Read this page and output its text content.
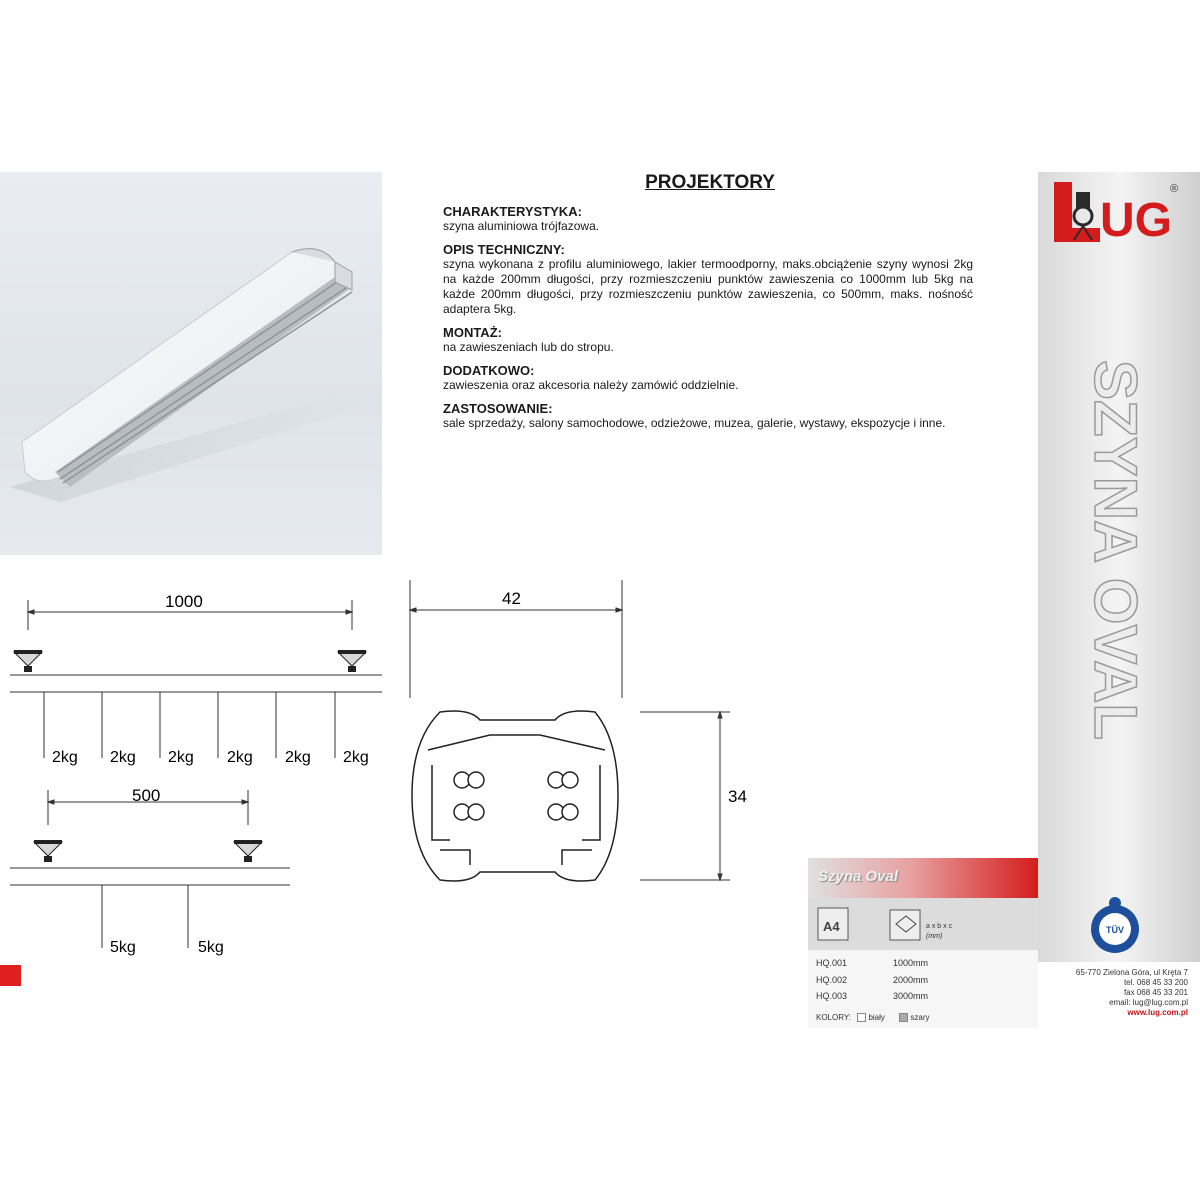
PROJEKTORY
CHARAKTERYSTYKA:
szyna aluminiowa trójfazowa.
OPIS TECHNICZNY:
szyna wykonana z profilu aluminiowego, lakier termoodporny, maks.obciążenie szyny wynosi 2kg na każde 200mm długości, przy rozmieszczeniu punktów zawieszenia co 1000mm lub 5kg na każde 200mm długości, przy rozmieszczeniu punktów zawieszenia, co 500mm, maks. nośność adaptera 5kg.
MONTAŻ:
na zawieszeniach lub do stropu.
DODATKOWO:
zawieszenia oraz akcesoria należy zamówić oddzielnie.
ZASTOSOWANIE:
sale sprzedaży, salony samochodowe, odzieżowe, muzea, galerie, wystawy, ekspozycje i inne.
UG
®
SZYNA OVAL
1000
2kg 2kg 2kg 2kg 2kg 2kg
500
5kg	5kg
42
34
Szyna Oval
A4	a x b x c
(mm)
HQ.001	1000mm
HQ.002	2000mm
HQ.003	3000mm
KOLORY: biały	szary
TÜV
65-770 Zielona Góra, ul Kręta 7
tel. 068 45 33 200
fax 068 45 33 201
email: lug@lug.com.pl
www.lug.com.pl
